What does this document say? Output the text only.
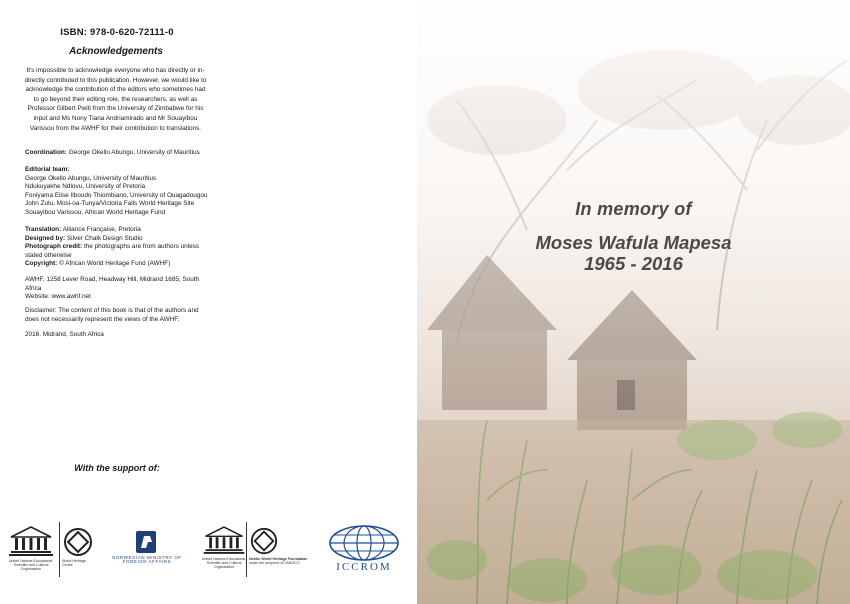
ISBN: 978-0-620-72111-0
Acknowledgements
It's impossible to acknowledge everyone who has directly or in-directly contributed to this publication. However, we would like to acknowledge the contribution of the editors who sometimes had to go beyond their editing role, the researchers, as well as Professor Gilbert Pwiti from the University of Zimbabwe for his input and Ms Nony Tiana Andriamirado and Mr Souayibou Varissou from the AWHF for their contribution to translations.
Coordination: George Okello Abungu, University of Mauritius
Editorial team:
George Okello Abungu, University of Mauritius
Ndukuyakhe Ndlovu, University of Pretoria
Foniyama Elise Ilboudo Thiombiano, University of Ouagadougou
John Zulu, Mosi-oa-Tunya/Victoria Falls World Heritage Site
Souayibou Varissou, African World Heritage Fund
Translation: Alliance Française, Pretoria
Designed by: Silver Chalk Design Studio
Photograph credit: the photographs are from authors unless stated otherwise
Copyright: © African World Heritage Fund (AWHF)
AWHF, 1258 Lever Road, Headway Hill, Midrand 1685, South Africa
Website: www.awhf.net
Disclaimer: The content of this book is that of the authors and does not necessarily represent the views of the AWHF.
2016. Midrand, South Africa
With the support of:
United Nations Educational, Scientific and Cultural Organization
World Heritage Centre
NORWEGIAN MINISTRY OF FOREIGN AFFAIRS
United Nations Educational, Scientific and Cultural Organization
Nordic World Heritage Foundation
under the auspices of UNESCO	ICCROM
In memory of
Moses Wafula Mapesa
1965 - 2016
